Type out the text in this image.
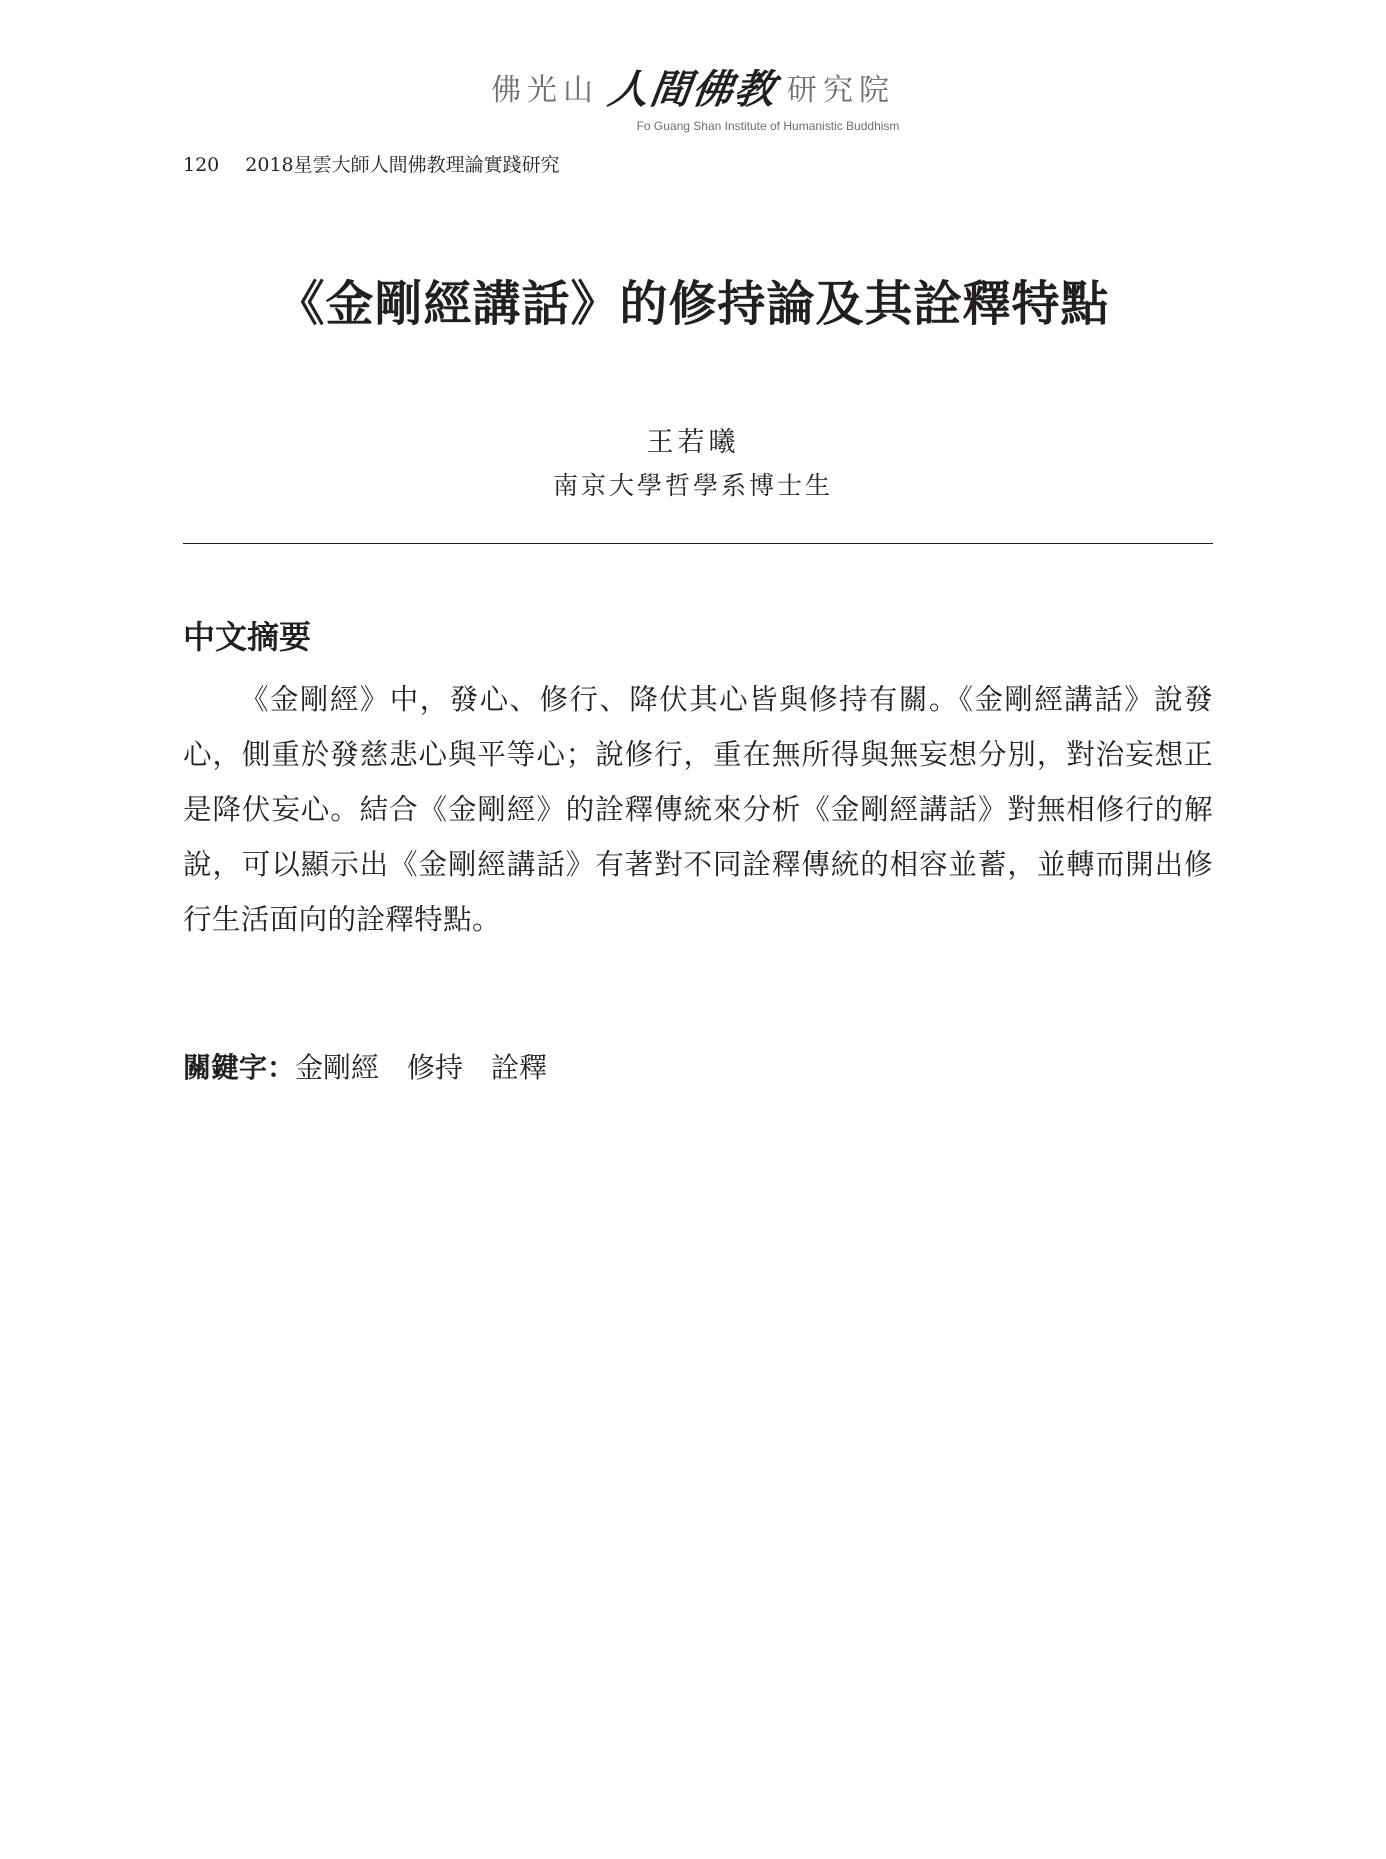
佛光山 人間佛教 研究院
Fo Guang Shan Institute of Humanistic Buddhism
120 2018星雲大師人間佛教理論實踐研究
《金剛經講話》的修持論及其詮釋特點
王若曦
南京大學哲學系博士生
中文摘要
《金剛經》中，發心、修行、降伏其心皆與修持有關。《金剛經講話》說發心，側重於發慈悲心與平等心；說修行，重在無所得與無妄想分別，對治妄想正是降伏妄心。結合《金剛經》的詮釋傳統來分析《金剛經講話》對無相修行的解說，可以顯示出《金剛經講話》有著對不同詮釋傳統的相容並蓄，並轉而開出修行生活面向的詮釋特點。
關鍵字：金剛經 修持 詮釋
